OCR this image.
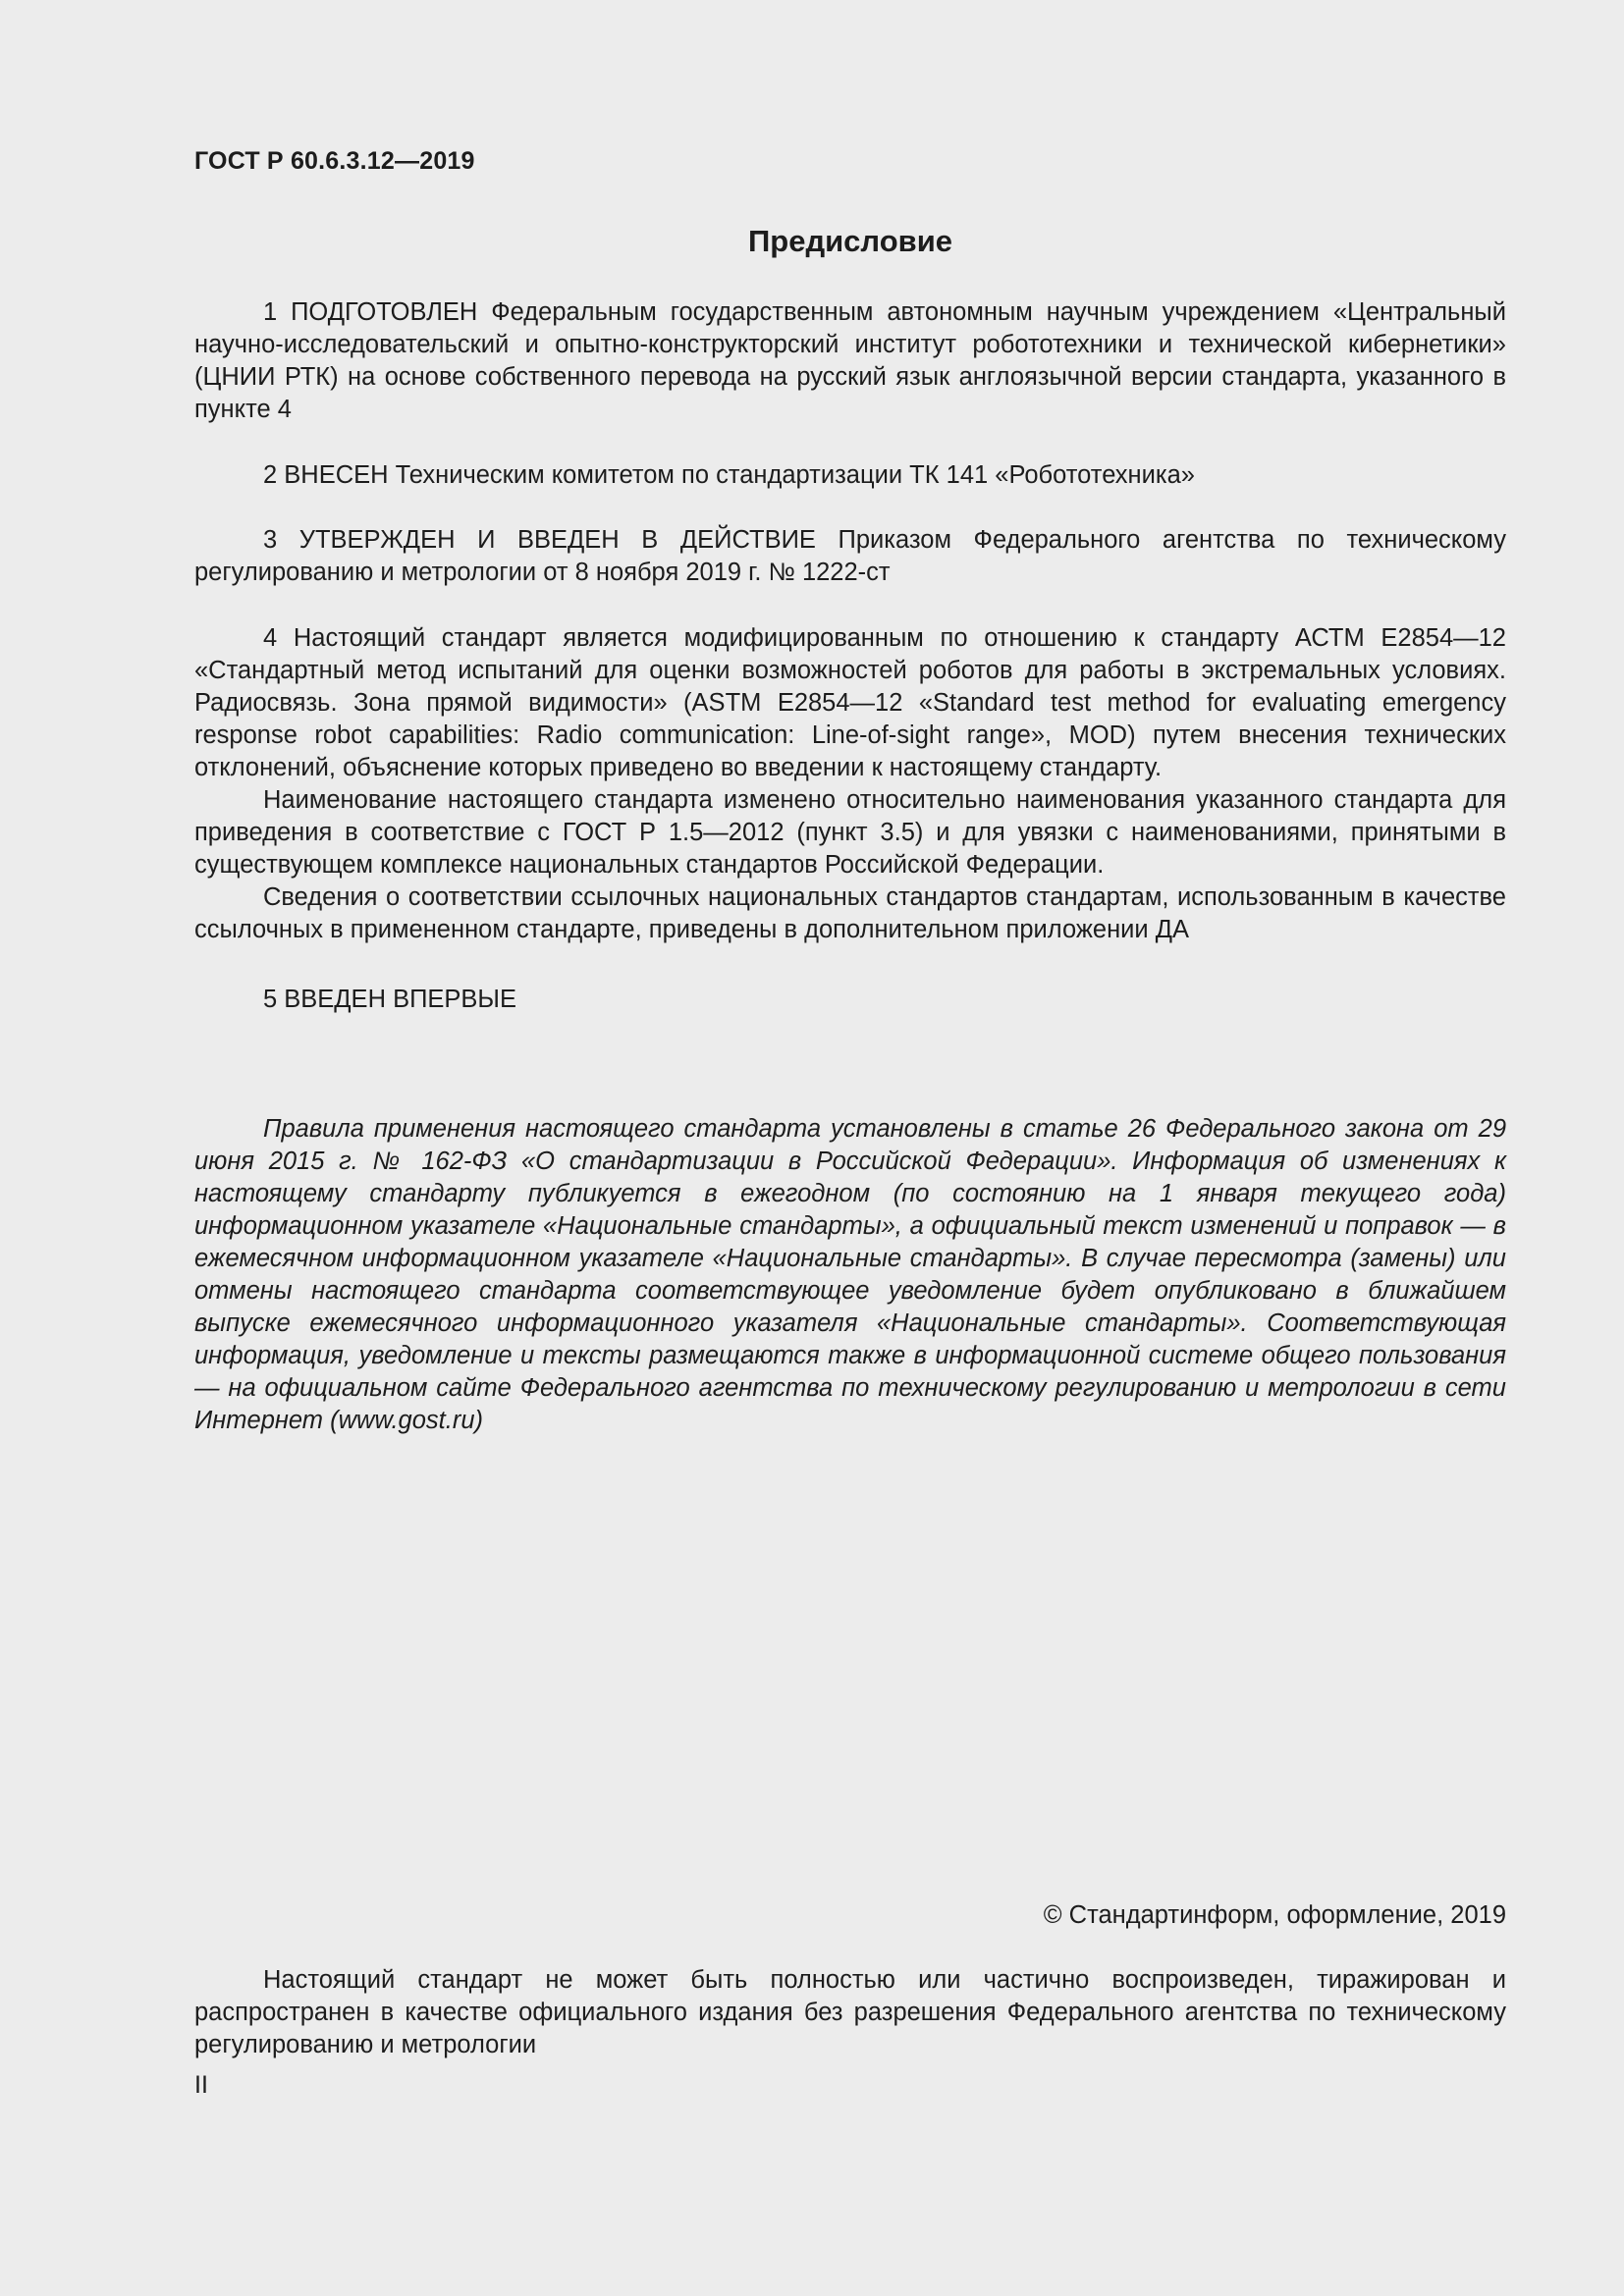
ГОСТ Р 60.6.3.12—2019
Предисловие

1 ПОДГОТОВЛЕН Федеральным государственным автономным научным учреждением «Центральный научно-исследовательский и опытно-конструкторский институт робототехники и технической кибернетики» (ЦНИИ РТК) на основе собственного перевода на русский язык англоязычной версии стандарта, указанного в пункте 4

2 ВНЕСЕН Техническим комитетом по стандартизации ТК 141 «Робототехника»

3 УТВЕРЖДЕН И ВВЕДЕН В ДЕЙСТВИЕ Приказом Федерального агентства по техническому регулированию и метрологии от 8 ноября 2019 г. № 1222-ст

4 Настоящий стандарт является модифицированным по отношению к стандарту АСТМ Е2854—12 «Стандартный метод испытаний для оценки возможностей роботов для работы в экстремальных условиях. Радиосвязь. Зона прямой видимости» (ASTM E2854—12 «Standard test method for evaluating emergency response robot capabilities: Radio communication: Line-of-sight range», MOD) путем внесения технических отклонений, объяснение которых приведено во введении к настоящему стандарту.

Наименование настоящего стандарта изменено относительно наименования указанного стандарта для приведения в соответствие с ГОСТ Р 1.5—2012 (пункт 3.5) и для увязки с наименованиями, принятыми в существующем комплексе национальных стандартов Российской Федерации.

Сведения о соответствии ссылочных национальных стандартов стандартам, использованным в качестве ссылочных в примененном стандарте, приведены в дополнительном приложении ДА

5 ВВЕДЕН ВПЕРВЫЕ

Правила применения настоящего стандарта установлены в статье 26 Федерального закона от 29 июня 2015 г. № 162-ФЗ «О стандартизации в Российской Федерации». Информация об изменениях к настоящему стандарту публикуется в ежегодном (по состоянию на 1 января текущего года) информационном указателе «Национальные стандарты», а официальный текст изменений и поправок — в ежемесячном информационном указателе «Национальные стандарты». В случае пересмотра (замены) или отмены настоящего стандарта соответствующее уведомление будет опубликовано в ближайшем выпуске ежемесячного информационного указателя «Национальные стандарты». Соответствующая информация, уведомление и тексты размещаются также в информационной системе общего пользования — на официальном сайте Федерального агентства по техническому регулированию и метрологии в сети Интернет (www.gost.ru)

© Стандартинформ, оформление, 2019

Настоящий стандарт не может быть полностью или частично воспроизведен, тиражирован и распространен в качестве официального издания без разрешения Федерального агентства по техническому регулированию и метрологии

II
